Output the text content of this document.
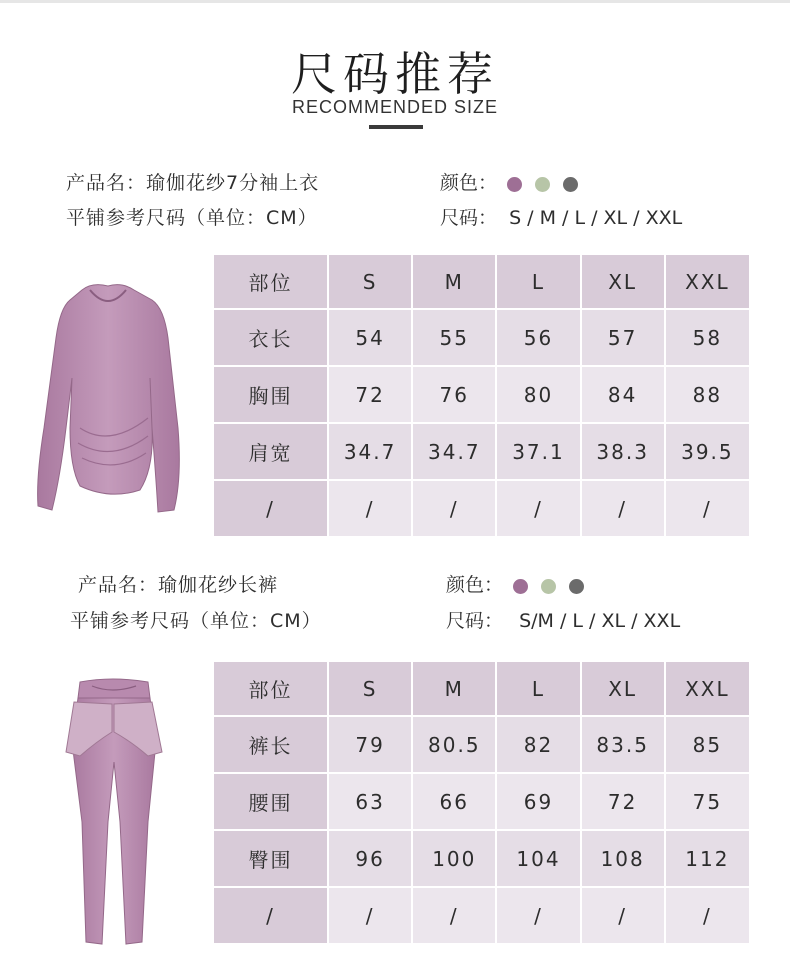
尺码推荐
RECOMMENDED SIZE
产品名：瑜伽花纱7分袖上衣
平铺参考尺码（单位：CM）
颜色：
尺码： S / M / L / XL / XXL
部位	S	M	L	XL	XXL
衣长	54	55	56	57	58
胸围	72	76	80	84	88
肩宽	34.7	34.7	37.1	38.3	39.5
/	/	/	/	/	/
产品名：瑜伽花纱长裤
平铺参考尺码（单位：CM）
颜色：
尺码： S/M / L / XL / XXL
部位	S	M	L	XL	XXL
裤长	79	80.5	82	83.5	85
腰围	63	66	69	72	75
臀围	96	100	104	108	112
/	/	/	/	/	/
